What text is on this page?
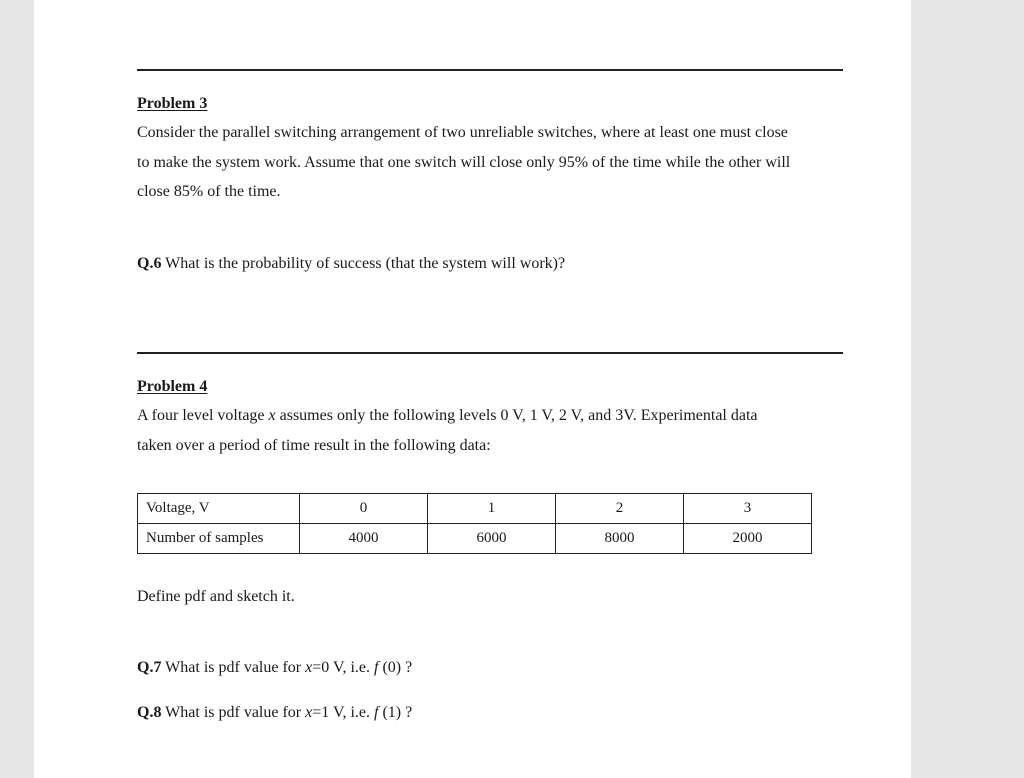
Problem 3
Consider the parallel switching arrangement of two unreliable switches, where at least one must close
to make the system work. Assume that one switch will close only 95% of the time while the other will
close 85% of the time.
Q.6 What is the probability of success (that the system will work)?
Problem 4
A four level voltage x assumes only the following levels 0 V, 1 V, 2 V, and 3V. Experimental data
taken over a period of time result in the following data:
Voltage, V	0	1	2	3
Number of samples	4000	6000	8000	2000
Define pdf and sketch it.
Q.7 What is pdf value for x=0 V, i.e. f (0) ?
Q.8 What is pdf value for x=1 V, i.e. f (1) ?
